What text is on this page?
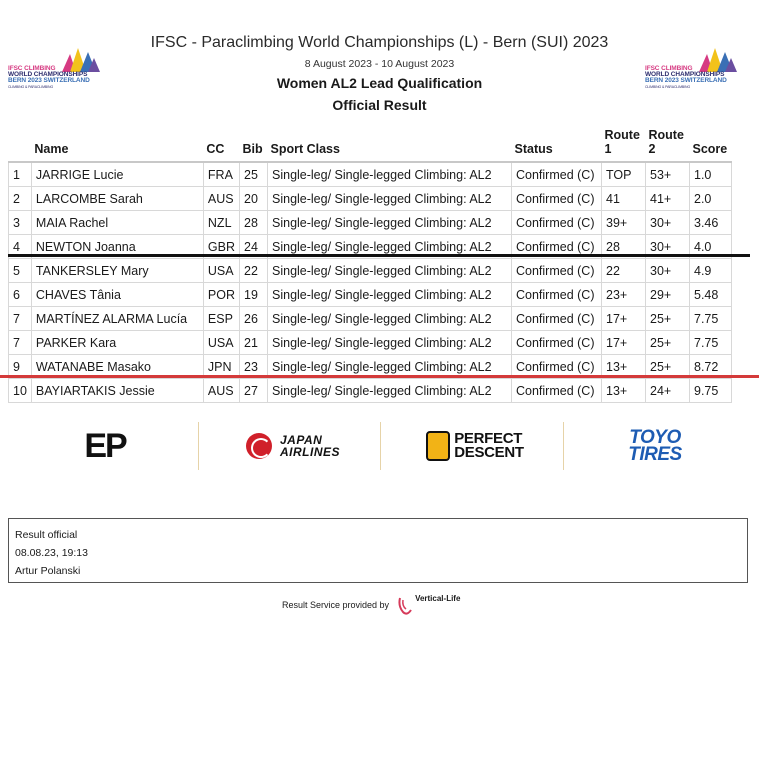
IFSC CLIMBING
WORLD CHAMPIONSHIPS
BERN 2023 SWITZERLAND
CLIMBING & PARACLIMBING
IFSC CLIMBING
WORLD CHAMPIONSHIPS
BERN 2023 SWITZERLAND
CLIMBING & PARACLIMBING
IFSC - Paraclimbing World Championships (L) - Bern (SUI) 2023
8 August 2023 - 10 August 2023
Women AL2 Lead Qualification
Official Result
	Name	CC	Bib	Sport Class	Status	Route 1	Route 2	Score
1	JARRIGE Lucie	FRA	25	Single-leg/ Single-legged Climbing: AL2	Confirmed (C)	TOP	53+	1.0
2	LARCOMBE Sarah	AUS	20	Single-leg/ Single-legged Climbing: AL2	Confirmed (C)	41	41+	2.0
3	MAIA Rachel	NZL	28	Single-leg/ Single-legged Climbing: AL2	Confirmed (C)	39+	30+	3.46
4	NEWTON Joanna	GBR	24	Single-leg/ Single-legged Climbing: AL2	Confirmed (C)	28	30+	4.0
5	TANKERSLEY Mary	USA	22	Single-leg/ Single-legged Climbing: AL2	Confirmed (C)	22	30+	4.9
6	CHAVES Tânia	POR	19	Single-leg/ Single-legged Climbing: AL2	Confirmed (C)	23+	29+	5.48
7	MARTÍNEZ ALARMA Lucía	ESP	26	Single-leg/ Single-legged Climbing: AL2	Confirmed (C)	17+	25+	7.75
7	PARKER Kara	USA	21	Single-leg/ Single-legged Climbing: AL2	Confirmed (C)	17+	25+	7.75
9	WATANABE Masako	JPN	23	Single-leg/ Single-legged Climbing: AL2	Confirmed (C)	13+	25+	8.72
10	BAYIARTAKIS Jessie	AUS	27	Single-leg/ Single-legged Climbing: AL2	Confirmed (C)	13+	24+	9.75
EP	JAPAN
AIRLINES
PERFECT
DESCENT
TOYO
TIRES
Result official
08.08.23, 19:13
Artur Polanski
Result Service provided by
Vertical-Life
